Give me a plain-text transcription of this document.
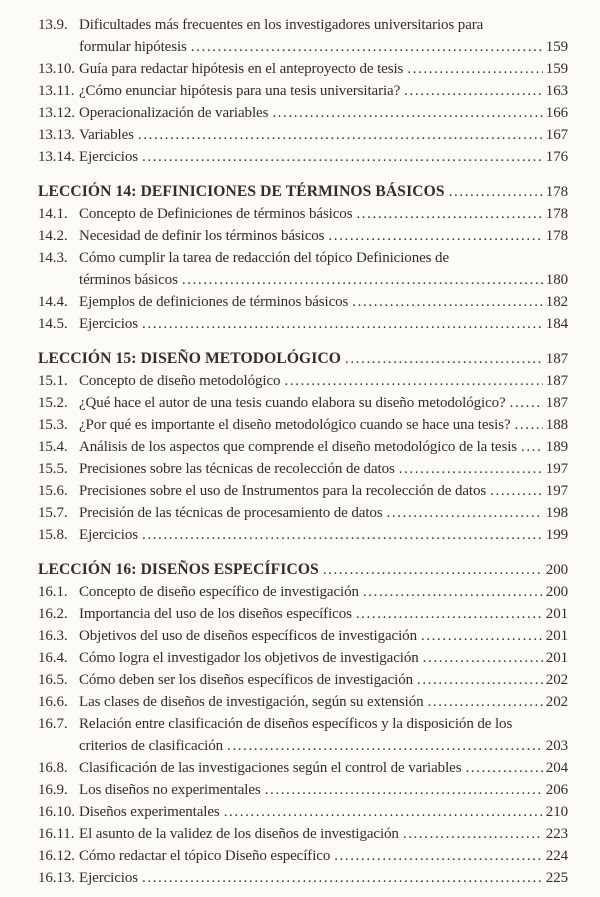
13.9. Dificultades más frecuentes en los investigadores universitarios para
formular hipótesis .....	159
13.10. Guía para redactar hipótesis en el anteproyecto de tesis .....	159
13.11. ¿Cómo enunciar hipótesis para una tesis universitaria? .....	163
13.12. Operacionalización de variables .....	166
13.13. Variables .....	167
13.14. Ejercicios .....	176
LECCIÓN 14: DEFINICIONES DE TÉRMINOS BÁSICOS .....	178
14.1. Concepto de Definiciones de términos básicos .....	178
14.2. Necesidad de definir los términos básicos .....	178
14.3. Cómo cumplir la tarea de redacción del tópico Definiciones de
términos básicos .....	180
14.4. Ejemplos de definiciones de términos básicos .....	182
14.5. Ejercicios .....	184
LECCIÓN 15: DISEÑO METODOLÓGICO .....	187
15.1. Concepto de diseño metodológico .....	187
15.2. ¿Qué hace el autor de una tesis cuando elabora su diseño metodológico? .....	187
15.3. ¿Por qué es importante el diseño metodológico cuando se hace una tesis? ..... 188
15.4. Análisis de los aspectos que comprende el diseño metodológico de la tesis ..... 189
15.5. Precisiones sobre las técnicas de recolección de datos .....	197
15.6. Precisiones sobre el uso de Instrumentos para la recolección de datos .....	197
15.7. Precisión de las técnicas de procesamiento de datos .....	198
15.8. Ejercicios .....	199
LECCIÓN 16: DISEÑOS ESPECÍFICOS .....	200
16.1. Concepto de diseño específico de investigación .....	200
16.2. Importancia del uso de los diseños específicos .....	201
16.3. Objetivos del uso de diseños específicos de investigación .....	201
16.4. Cómo logra el investigador los objetivos de investigación .....	201
16.5. Cómo deben ser los diseños específicos de investigación .....	202
16.6. Las clases de diseños de investigación, según su extensión .....	202
16.7. Relación entre clasificación de diseños específicos y la disposición de los
criterios de clasificación .....	203
16.8. Clasificación de las investigaciones según el control de variables .....	204
16.9. Los diseños no experimentales .....	206
16.10. Diseños experimentales .....	210
16.11. El asunto de la validez de los diseños de investigación .....	223
16.12. Cómo redactar el tópico Diseño específico .....	224
16.13. Ejercicios .....	225
